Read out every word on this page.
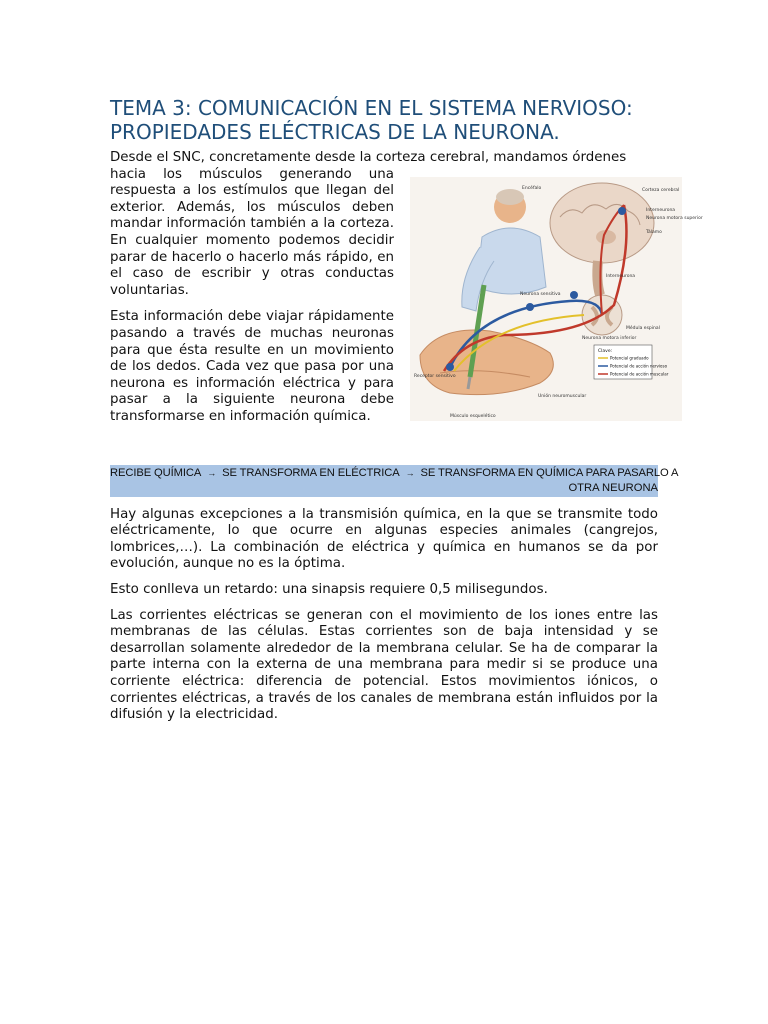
TEMA 3: COMUNICACIÓN EN EL SISTEMA NERVIOSO:
PROPIEDADES ELÉCTRICAS DE LA NEURONA.

Desde el SNC, concretamente desde la corteza cerebral, mandamos órdenes

hacia los músculos generando una respuesta a los estímulos que llegan del exterior. Además, los músculos deben mandar información también a la corteza. En cualquier momento podemos decidir parar de hacerlo o hacerlo más rápido, en el caso de escribir y otras conductas voluntarias.

Esta información debe viajar rápidamente pasando a través de muchas neuronas para que ésta resulte en un movimiento de los dedos. Cada vez que pasa por una neurona es información eléctrica y para pasar a la siguiente neurona debe transformarse en información química.

Encéfalo	Corteza cerebral
Interneurona
Neurona motora superior
Tálamo
Interneurona
Neurona sensitiva
Médula espinal
Neurona motora inferior
Receptor sensitivo
Unión neuromuscular
Músculo esquelético
Clave:
Potencial graduado
Potencial de acción nervioso
Potencial de acción muscular
RECIBE QUÍMICA → SE TRANSFORMA EN ELÉCTRICA → SE TRANSFORMA EN QUÍMICA PARA PASARLO A
OTRA NEURONA

Hay algunas excepciones a la transmisión química, en la que se transmite todo eléctricamente, lo que ocurre en algunas especies animales (cangrejos, lombrices,…). La combinación de eléctrica y química en humanos se da por evolución, aunque no es la óptima.

Esto conlleva un retardo: una sinapsis requiere 0,5 milisegundos.

Las corrientes eléctricas se generan con el movimiento de los iones entre las membranas de las células. Estas corrientes son de baja intensidad y se desarrollan solamente alrededor de la membrana celular. Se ha de comparar la parte interna con la externa de una membrana para medir si se produce una corriente eléctrica: diferencia de potencial. Estos movimientos iónicos, o corrientes eléctricas, a través de los canales de membrana están influidos por la difusión y la electricidad.
